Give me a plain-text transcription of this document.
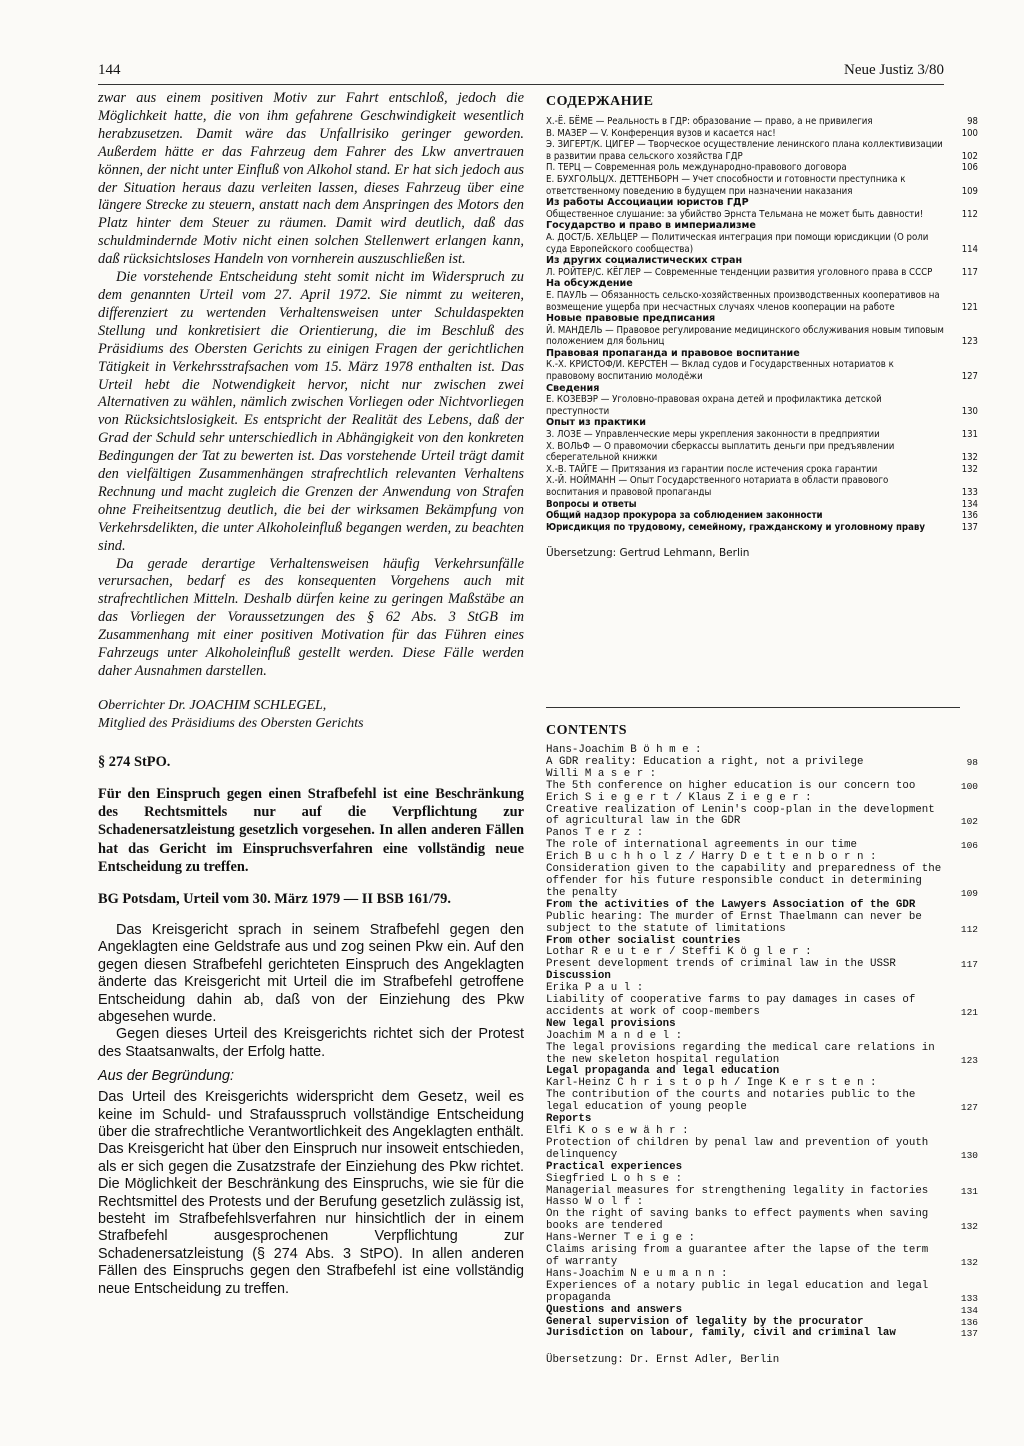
144	Neue Justiz 3/80

zwar aus einem positiven Motiv zur Fahrt entschloß, jedoch die Möglichkeit hatte, die von ihm gefahrene Geschwindigkeit wesentlich herabzusetzen. Damit wäre das Unfallrisiko geringer geworden. Außerdem hätte er das Fahrzeug dem Fahrer des Lkw anvertrauen können, der nicht unter Einfluß von Alkohol stand. Er hat sich jedoch aus der Situation heraus dazu verleiten lassen, dieses Fahrzeug über eine längere Strecke zu steuern, anstatt nach dem Anspringen des Motors den Platz hinter dem Steuer zu räumen. Damit wird deutlich, daß das schuldmindernde Motiv nicht einen solchen Stellenwert erlangen kann, daß rücksichtsloses Handeln von vornherein auszuschließen ist.

Die vorstehende Entscheidung steht somit nicht im Widerspruch zu dem genannten Urteil vom 27. April 1972. Sie nimmt zu weiteren, differenziert zu wertenden Verhaltensweisen unter Schuldaspekten Stellung und konkretisiert die Orientierung, die im Beschluß des Präsidiums des Obersten Gerichts zu einigen Fragen der gerichtlichen Tätigkeit in Verkehrsstrafsachen vom 15. März 1978 enthalten ist. Das Urteil hebt die Notwendigkeit hervor, nicht nur zwischen zwei Alternativen zu wählen, nämlich zwischen Vorliegen oder Nichtvorliegen von Rücksichtslosigkeit. Es entspricht der Realität des Lebens, daß der Grad der Schuld sehr unterschiedlich in Abhängigkeit von den konkreten Bedingungen der Tat zu bewerten ist. Das vorstehende Urteil trägt damit den vielfältigen Zusammenhängen strafrechtlich relevanten Verhaltens Rechnung und macht zugleich die Grenzen der Anwendung von Strafen ohne Freiheitsentzug deutlich, die bei der wirksamen Bekämpfung von Verkehrsdelikten, die unter Alkoholeinfluß begangen werden, zu beachten sind.

Da gerade derartige Verhaltensweisen häufig Verkehrsunfälle verursachen, bedarf es des konsequenten Vorgehens auch mit strafrechtlichen Mitteln. Deshalb dürfen keine zu geringen Maßstäbe an das Vorliegen der Voraussetzungen des § 62 Abs. 3 StGB im Zusammenhang mit einer positiven Motivation für das Führen eines Fahrzeugs unter Alkoholeinfluß gestellt werden. Diese Fälle werden daher Ausnahmen darstellen.

Oberrichter Dr. JOACHIM SCHLEGEL,
Mitglied des Präsidiums des Obersten Gerichts

§ 274 StPO.

Für den Einspruch gegen einen Strafbefehl ist eine Beschränkung des Rechtsmittels nur auf die Verpflichtung zur Schadenersatzleistung gesetzlich vorgesehen. In allen anderen Fällen hat das Gericht im Einspruchsverfahren eine vollständig neue Entscheidung zu treffen.

BG Potsdam, Urteil vom 30. März 1979 — II BSB 161/79.

Das Kreisgericht sprach in seinem Strafbefehl gegen den Angeklagten eine Geldstrafe aus und zog seinen Pkw ein. Auf den gegen diesen Strafbefehl gerichteten Einspruch des Angeklagten änderte das Kreisgericht mit Urteil die im Strafbefehl getroffene Entscheidung dahin ab, daß von der Einziehung des Pkw abgesehen wurde.

Gegen dieses Urteil des Kreisgerichts richtet sich der Protest des Staatsanwalts, der Erfolg hatte.

Aus der Begründung:

Das Urteil des Kreisgerichts widerspricht dem Gesetz, weil es keine im Schuld- und Strafausspruch vollständige Entscheidung über die strafrechtliche Verantwortlichkeit des Angeklagten enthält. Das Kreisgericht hat über den Einspruch nur insoweit entschieden, als er sich gegen die Zusatzstrafe der Einziehung des Pkw richtet. Die Möglichkeit der Beschränkung des Einspruchs, wie sie für die Rechtsmittel des Protests und der Berufung gesetzlich zulässig ist, besteht im Strafbefehlsverfahren nur hinsichtlich der in einem Strafbefehl ausgesprochenen Verpflichtung zur Schadenersatzleistung (§ 274 Abs. 3 StPO). In allen anderen Fällen des Einspruchs gegen den Strafbefehl ist eine vollständig neue Entscheidung zu treffen.

СОДЕРЖАНИЕ
Х.-Ё. БЁМЕ — Реальность в ГДР: образование — право, а не привилегия	98
В. МАЗЕР — V. Конференция вузов и касается нас!	100
Э. ЗИГЕРТ/К. ЦИГЕР — Творческое осуществление ленинского плана коллективизации в развитии права сельского хозяйства ГДР	102
П. ТЕРЦ — Современная роль международно-правового договора	106
Е. БУХГОЛЬЦ/Х. ДЕТТЕНБОРН — Учет способности и готовности преступника к ответственному поведению в будущем при назначении наказания	109
Из работы Ассоциации юристов ГДР
Общественное слушание: за убийство Эрнста Тельмана не может быть давности!	112
Государство и право в империализме
А. ДОСТ/Б. ХЕЛЬЦЕР — Политическая интеграция при помощи юрисдикции (О роли суда Европейского сообщества)	114
Из других социалистических стран
Л. РОЙТЕР/С. КЁГЛЕР — Современные тенденции развития уголовного права в СССР	117
На обсуждение
Е. ПАУЛЬ — Обязанность сельско-хозяйственных производственных кооперативов на возмещение ущерба при несчастных случаях членов кооперации на работе	121
Новые правовые предписания
Й. МАНДЕЛЬ — Правовое регулирование медицинского обслуживания новым типовым положением для больниц	123
Правовая пропаганда и правовое воспитание
К.-Х. КРИСТОФ/И. КЕРСТЕН — Вклад судов и Государственных нотариатов к правовому воспитанию молодёжи	127
Сведения
Е. КОЗЕВЭР — Уголовно-правовая охрана детей и профилактика детской преступности	130
Опыт из практики
З. ЛОЗЕ — Управленческие меры укрепления законности в предприятии	131
Х. ВОЛЬФ — О правомочии сберкассы выплатить деньги при предъявлении сберегательной книжки	132
Х.-В. ТАЙГЕ — Притязания из гарантии после истечения срока гарантии	132
Х.-Й. НОЙМАНН — Опыт Государственного нотариата в области правового воспитания и правовой пропаганды	133
Вопросы и ответы	134
Общий надзор прокурора за соблюдением законности	136
Юрисдикция по трудовому, семейному, гражданскому и уголовному праву	137
Übersetzung: Gertrud Lehmann, Berlin
CONTENTS
Hans-Joachim B ö h m e :
A GDR reality: Education a right, not a privilege	98
Willi M a s e r :
The 5th conference on higher education is our concern too	100
Erich S i e g e r t / Klaus Z i e g e r :
Creative realization of Lenin's coop-plan in the development of agricultural law in the GDR	102
Panos T e r z :
The role of international agreements in our time	106
Erich B u c h h o l z / Harry D e t t e n b o r n :
Consideration given to the capability and preparedness of the offender for his future responsible conduct in determining the penalty	109
From the activities of the Lawyers Association of the GDR
Public hearing: The murder of Ernst Thaelmann can never be subject to the statute of limitations	112
From other socialist countries
Lothar R e u t e r / Steffi K ö g l e r :
Present development trends of criminal law in the USSR	117
Discussion
Erika P a u l :
Liability of cooperative farms to pay damages in cases of accidents at work of coop-members	121
New legal provisions
Joachim M a n d e l :
The legal provisions regarding the medical care relations in the new skeleton hospital regulation	123
Legal propaganda and legal education
Karl-Heinz C h r i s t o p h / Inge K e r s t e n :
The contribution of the courts and notaries public to the legal education of young people	127
Reports
Elfi K o s e w ä h r :
Protection of children by penal law and prevention of youth delinquency	130
Practical experiences
Siegfried L o h s e :
Managerial measures for strengthening legality in factories	131
Hasso W o l f :
On the right of saving banks to effect payments when saving books are tendered	132
Hans-Werner T e i g e :
Claims arising from a guarantee after the lapse of the term of warranty	132
Hans-Joachim N e u m a n n :
Experiences of a notary public in legal education and legal propaganda	133
Questions and answers	134
General supervision of legality by the procurator	136
Jurisdiction on labour, family, civil and criminal law	137
Übersetzung: Dr. Ernst Adler, Berlin
